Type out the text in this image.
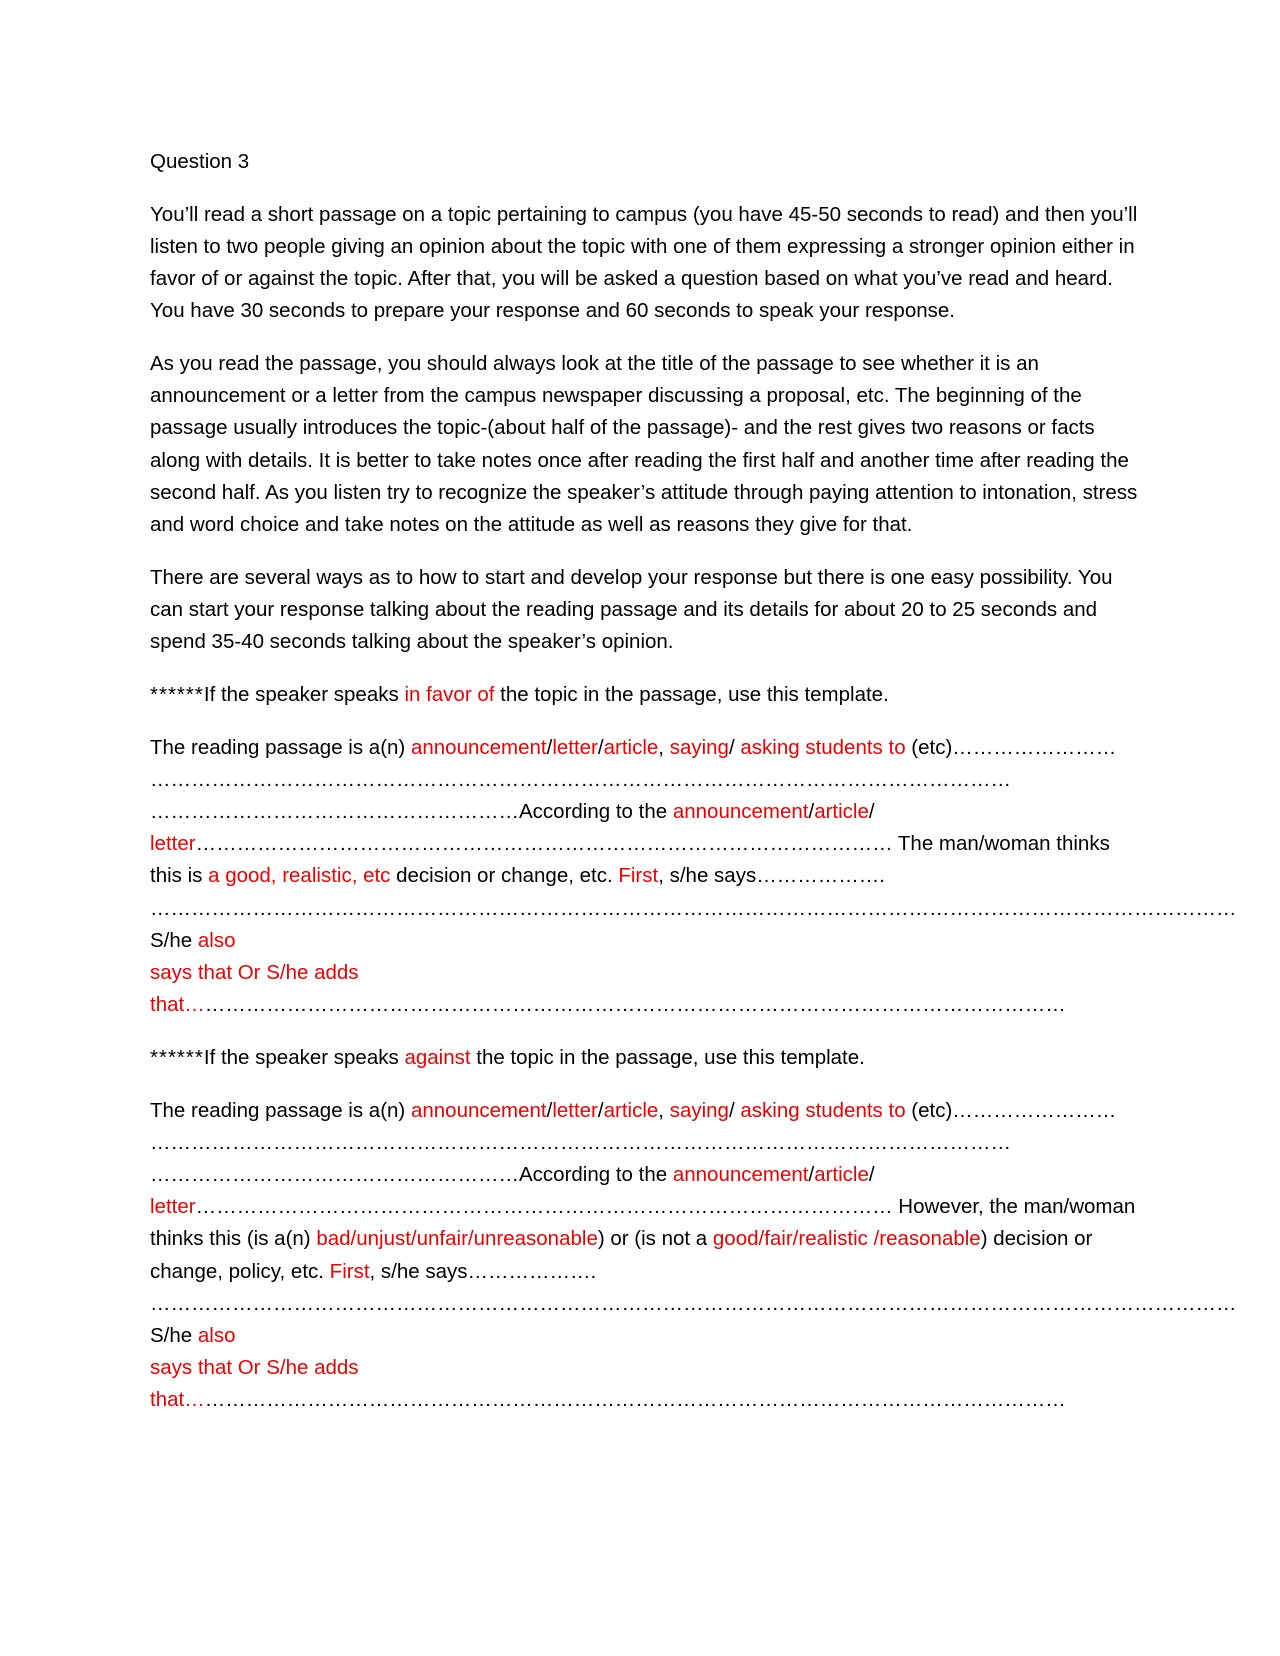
Question 3

You’ll read a short passage on a topic pertaining to campus (you have 45-50 seconds to read) and then you’ll listen to two people giving an opinion about the topic with one of them expressing a stronger opinion either in favor of or against the topic. After that, you will be asked a question based on what you’ve read and heard. You have 30 seconds to prepare your response and 60 seconds to speak your response.

As you read the passage, you should always look at the title of the passage to see whether it is an announcement or a letter from the campus newspaper discussing a proposal, etc. The beginning of the passage usually introduces the topic-(about half of the passage)- and the rest gives two reasons or facts along with details. It is better to take notes once after reading the first half and another time after reading the second half. As you listen try to recognize the speaker’s attitude through paying attention to intonation, stress and word choice and take notes on the attitude as well as reasons they give for that.

There are several ways as to how to start and develop your response but there is one easy possibility. You can start your response talking about the reading passage and its details for about 20 to 25 seconds and spend 35-40 seconds talking about the speaker’s opinion.

******If the speaker speaks in favor of the topic in the passage, use this template.

The reading passage is a(n) announcement/letter/article, saying/ asking students to (etc)……………………
………………………………………………………………………………………………………………
………………………………………………According to the announcement/article/
letter………………………………………………………………………………………… The man/woman thinks this is a good, realistic, etc decision or change, etc. First, s/he says……………….
……………………………………………………………………………………………………………………………………………S/he also
says that Or S/he adds that…………………………………………………………………………………………………………………

******If the speaker speaks against the topic in the passage, use this template.

The reading passage is a(n) announcement/letter/article, saying/ asking students to (etc)……………………
………………………………………………………………………………………………………………
………………………………………………According to the announcement/article/
letter………………………………………………………………………………………… However, the man/woman thinks this (is a(n) bad/unjust/unfair/unreasonable) or (is not a good/fair/realistic /reasonable) decision or change, policy, etc. First, s/he says……………….
……………………………………………………………………………………………………………………………………………S/he also
says that Or S/he adds that…………………………………………………………………………………………………………………
